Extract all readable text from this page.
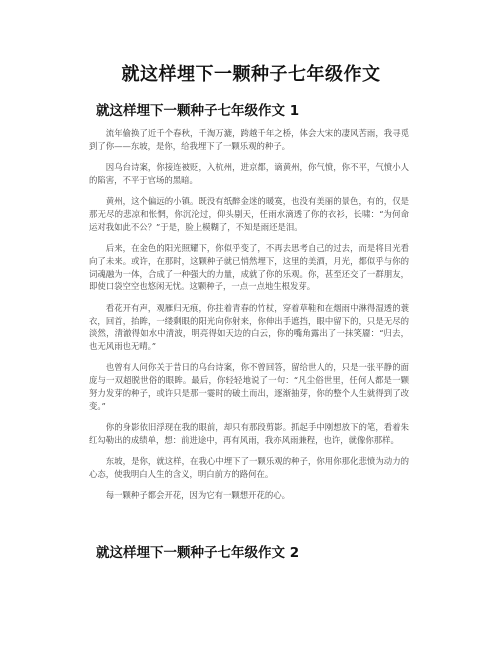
就这样埋下一颗种子七年级作文
就这样埋下一颗种子七年级作文 1

流年偷换了近千个春秋，千淘万漉，跨越千年之桥，体会大宋的凄风苦雨，我寻觅到了你——东坡，是你，给我埋下了一颗乐观的种子。

因乌台诗案，你接连被贬，入杭州，进京都，谪黄州，你气愤，你不平，气愤小人的陷害，不平于官场的黑暗。

黄州，这个偏远的小镇。既没有纸醉金迷的暖寞，也没有美丽的景色，有的，仅是那无尽的悲凉和怅惘，你沉沦过，仰头剔天，任雨水滴透了你的衣衫，长啸：“为何命运对我如此不公？”于是，脸上模糊了，不知是雨还是泪。

后来，在金色的阳光照耀下，你似乎变了，不再去思考自己的过去，而是将目光看向了未来。或许，在那时，这颗种子就已悄然埋下，这里的美酒，月光，都似乎与你的词魂融为一体，合成了一种强大的力量，成就了你的乐观。你，甚至还交了一群朋友，即使口袋空空也悠闲无忧。这颗种子，一点一点地生根发芽。

看花开有声，观雁归无痕，你拄着青春的竹杖，穿着草鞋和在烟雨中淋得湿透的蓑衣，回首，抬眸，一缕剩眼的阳光向你射来，你伸出手遮挡，眼中留下的，只是无尽的淡然，清澈得如水中清波，明亮得如天边的白云，你的嘴角露出了一抹笑靥：“归去，也无风雨也无晴。”

也曾有人问你关于昔日的乌台诗案，你不曾回答，留给世人的，只是一张平静的面庞与一双超脱世俗的眼眸。最后，你轻轻地说了一句：“凡尘俗世里，任何人都是一颗努力发芽的种子，或许只是那一霎时的破土而出，逐渐抽芽，你的整个人生就得到了改变。”

你的身影依旧浮现在我的眼前，却只有那段剪影。抓起手中刚想放下的笔，看着朱红勾勒出的成绩单，想：前进途中，再有风雨，我亦风雨兼程，也许，就像你那样。

东坡，是你，就这样，在我心中埋下了一颗乐观的种子，你用你那化悲愤为动力的心态，使我明白人生的含义，明白前方的路何在。

每一颗种子都会开花，因为它有一颗想开花的心。

就这样埋下一颗种子七年级作文 2
